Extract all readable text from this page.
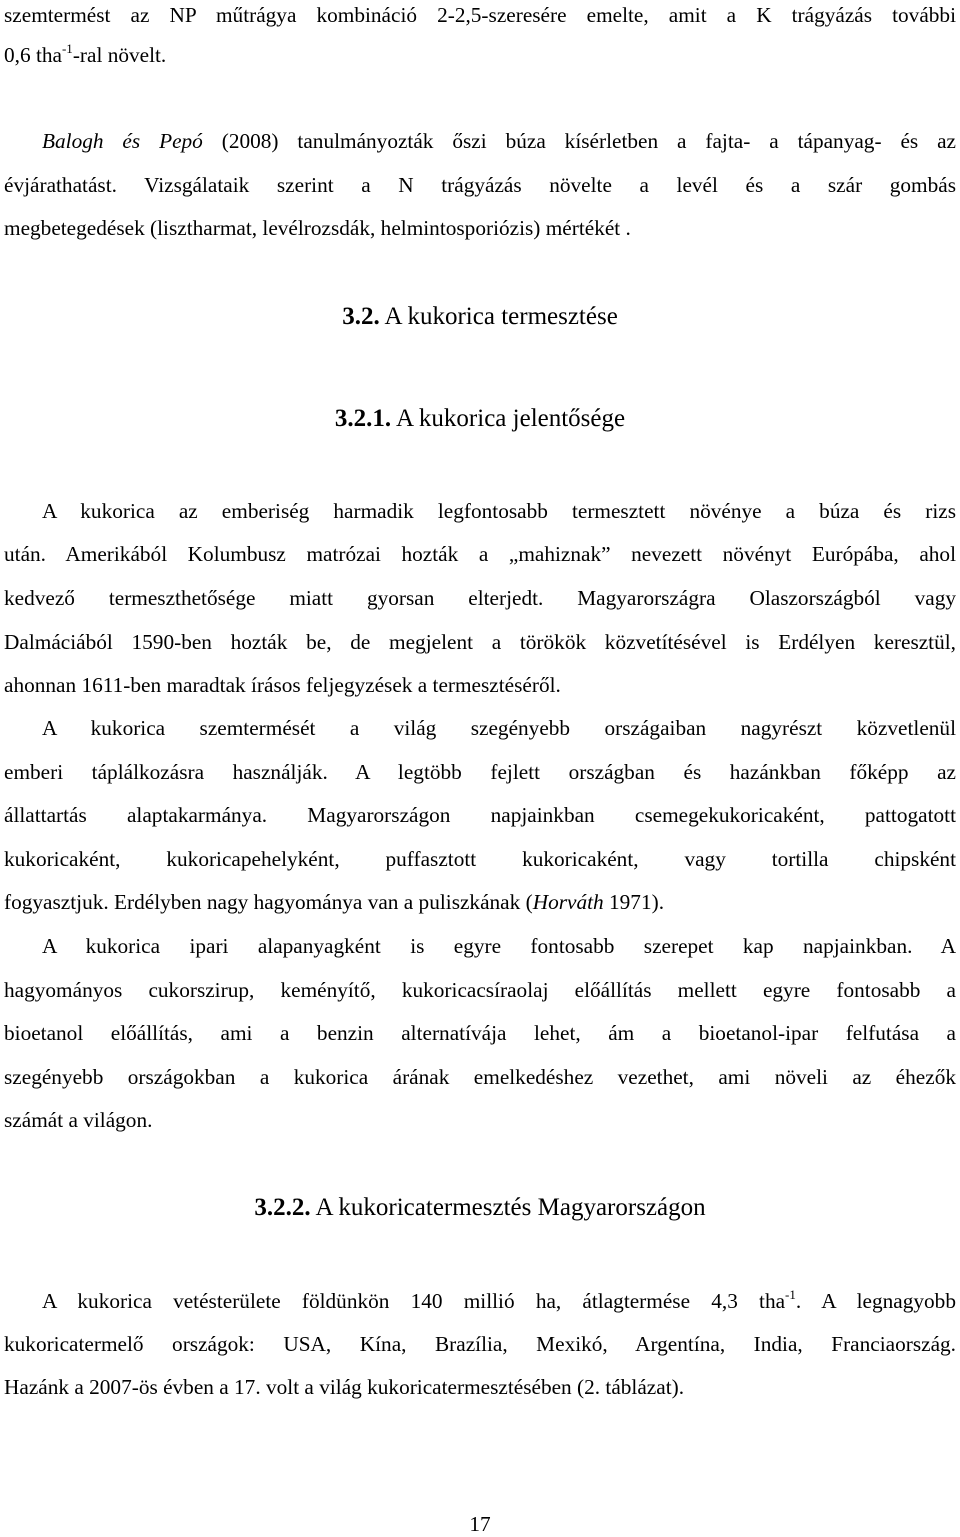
szemtermést az NP műtrágya kombináció 2-2,5-szeresére emelte, amit a K trágyázás további
0,6 tha$^{-1}$-ral növelt.
Balogh és Pepó (2008) tanulmányozták őszi búza kísérletben a fajta- a tápanyag- és az
évjárathatást. Vizsgálataik szerint a N trágyázás növelte a levél és a szár gombás
megbetegedések (lisztharmat, levélrozsdák, helmintosporiózis) mértékét .
3.2. A kukorica termesztése
3.2.1. A kukorica jelentősége
A kukorica az emberiség harmadik legfontosabb termesztett növénye a búza és rizs
után. Amerikából Kolumbusz matrózai hozták a „mahiznak” nevezett növényt Európába, ahol
kedvező termeszthetősége miatt gyorsan elterjedt. Magyarországra Olaszországból vagy
Dalmáciából 1590-ben hozták be, de megjelent a törökök közvetítésével is Erdélyen keresztül,
ahonnan 1611-ben maradtak írásos feljegyzések a termesztéséről.
A kukorica szemtermését a világ szegényebb országaiban nagyrészt közvetlenül
emberi táplálkozásra használják. A legtöbb fejlett országban és hazánkban főképp az
állattartás alaptakarmánya. Magyarországon napjainkban csemegekukoricaként, pattogatott
kukoricaként, kukoricapehelyként, puffasztott kukoricaként, vagy tortilla chipsként
fogyasztjuk. Erdélyben nagy hagyománya van a puliszkának (Horváth 1971).
A kukorica ipari alapanyagként is egyre fontosabb szerepet kap napjainkban. A
hagyományos cukorszirup, keményítő, kukoricacsíraolaj előállítás mellett egyre fontosabb a
bioetanol előállítás, ami a benzin alternatívája lehet, ám a bioetanol-ipar felfutása a
szegényebb országokban a kukorica árának emelkedéshez vezethet, ami növeli az éhezők
számát a világon.
3.2.2. A kukoricatermesztés Magyarországon
A kukorica vetésterülete földünkön 140 millió ha, átlagtermése 4,3 tha$^{-1}$. A legnagyobb
kukoricatermelő országok: USA, Kína, Brazília, Mexikó, Argentína, India, Franciaország.
Hazánk a 2007-ös évben a 17. volt a világ kukoricatermesztésében (2. táblázat).
17
